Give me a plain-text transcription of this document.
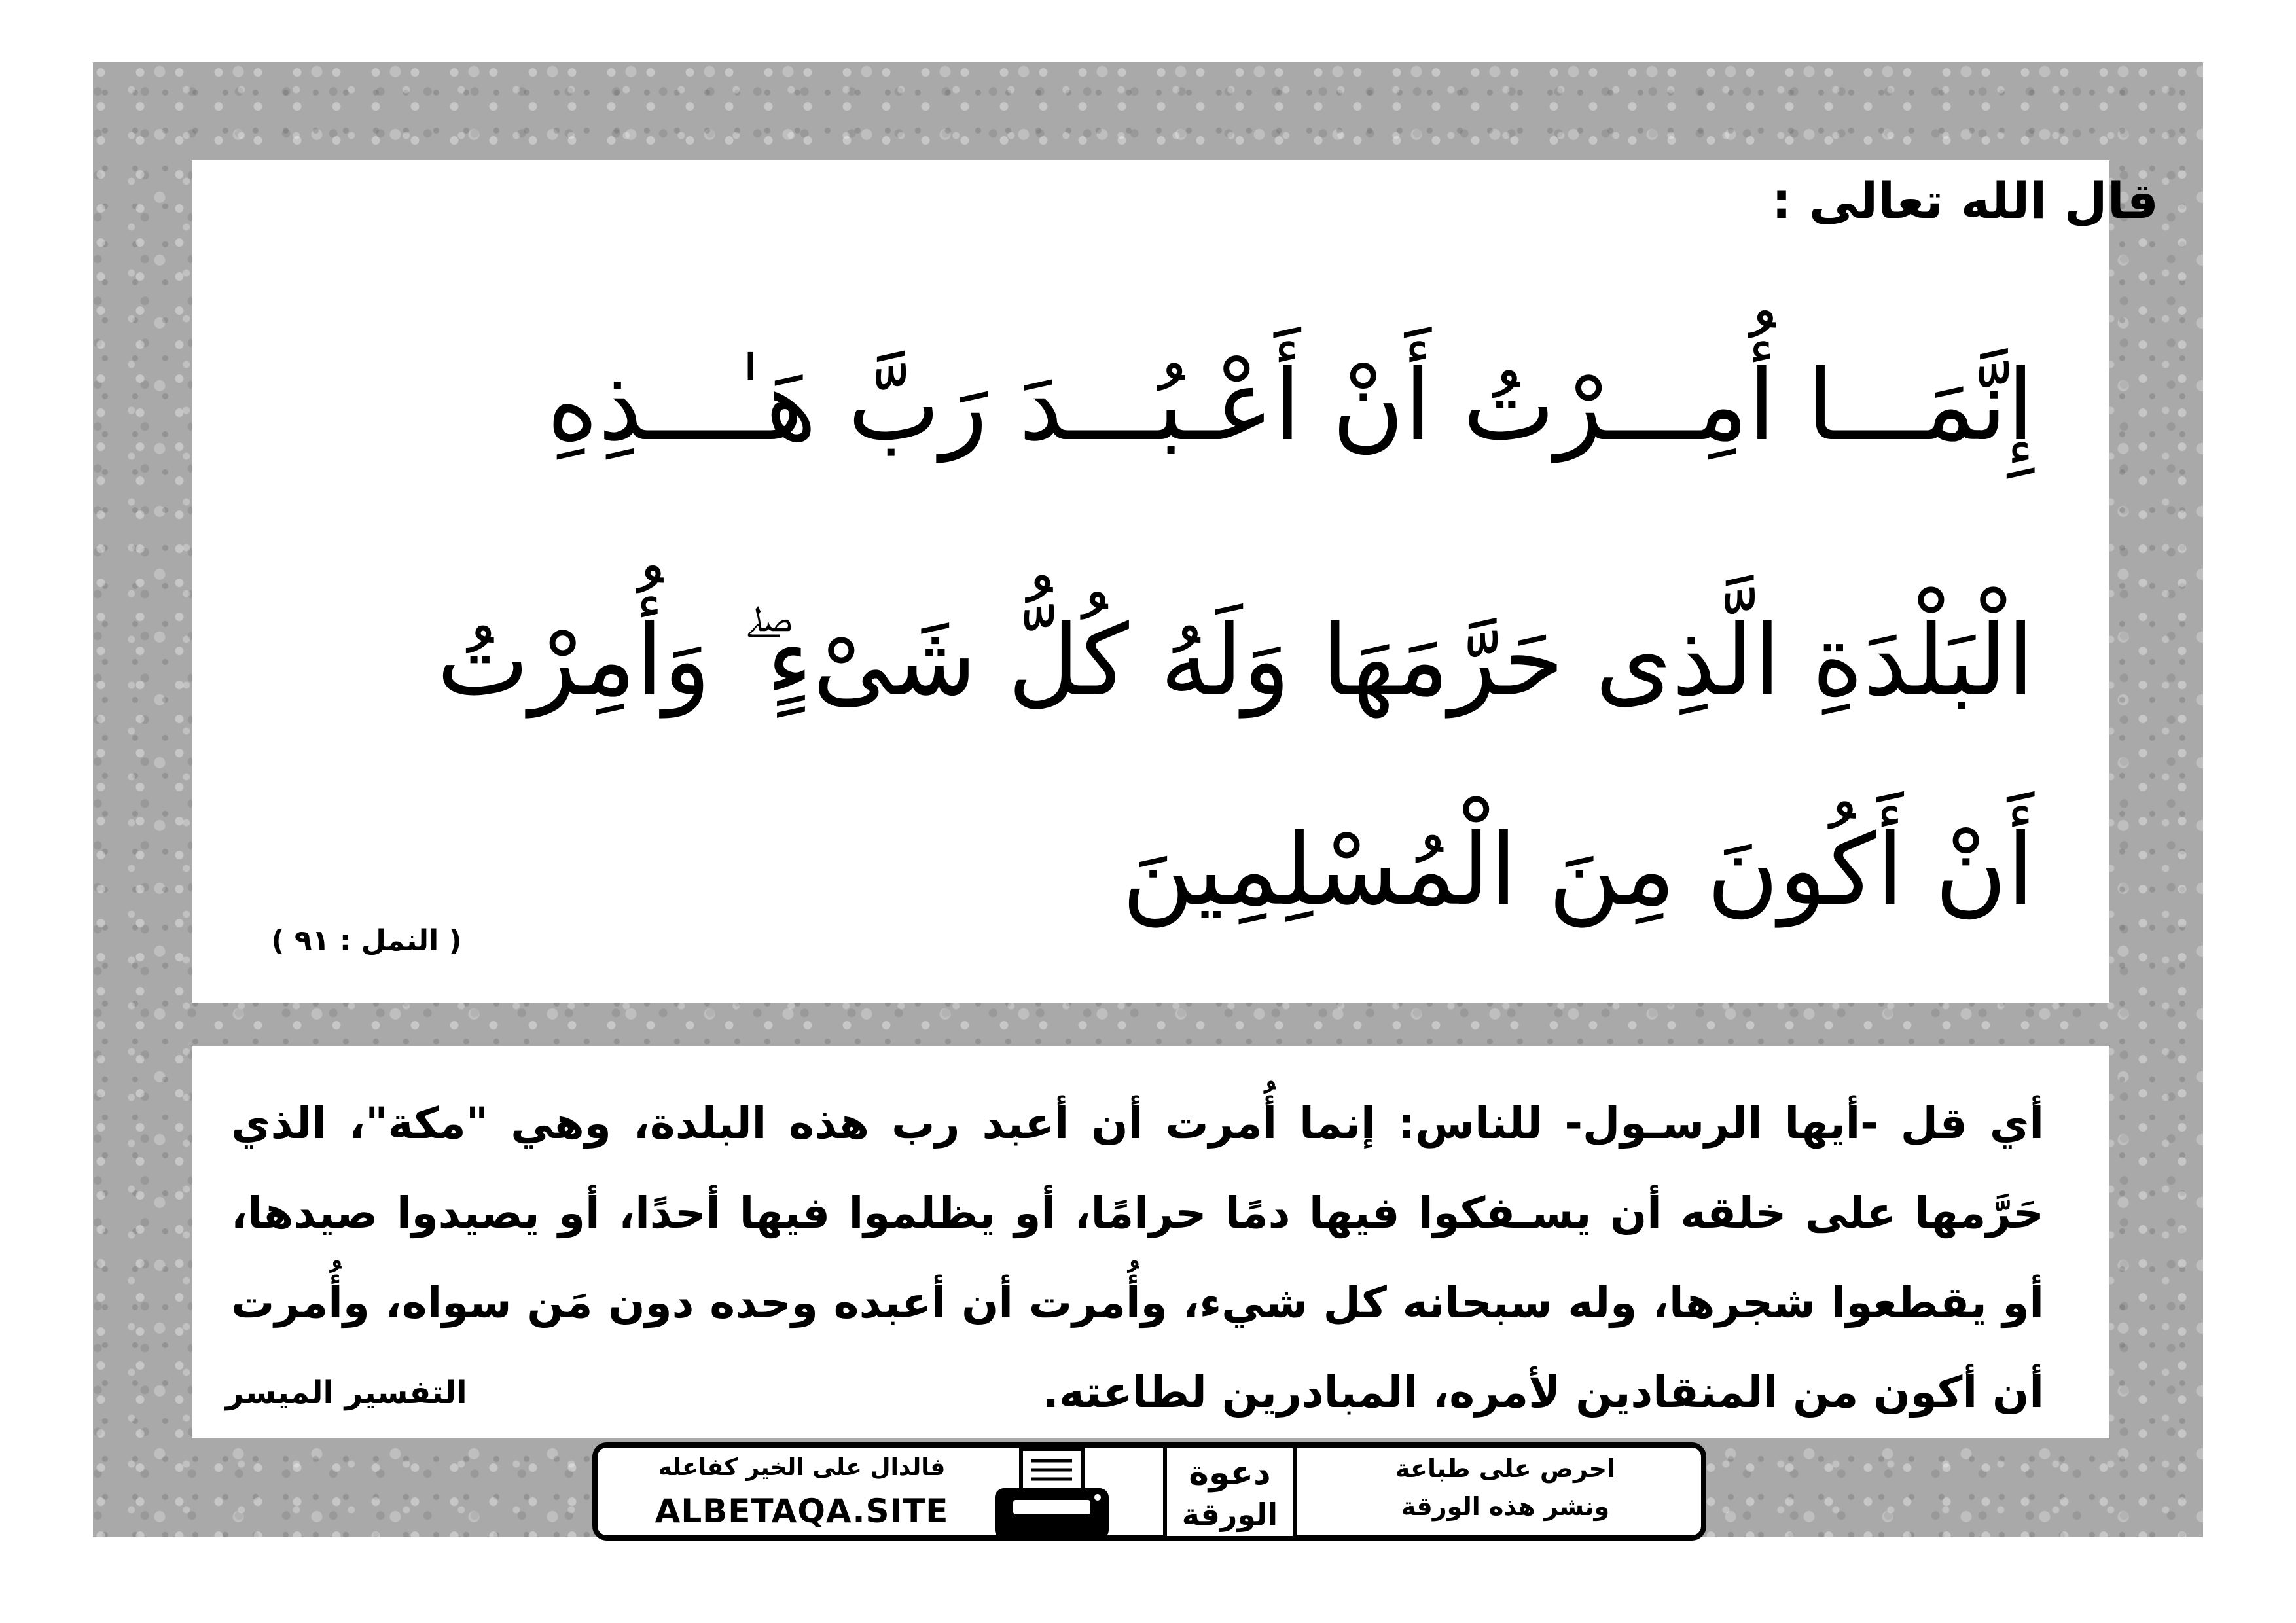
قال الله تعالى :
إِنَّمَـــا أُمِـــرْتُ أَنْ أَعْـبُـــدَ رَبَّ هَـٰـــذِهِ
الْبَلْدَةِ الَّذِى حَرَّمَهَا وَلَهُ كُلُّ شَىْءٍ ۖ وَأُمِرْتُ
أَنْ أَكُونَ مِنَ الْمُسْلِمِينَ
( النمل : ٩١ )
أي قل -أيها الرسـول- للناس: إنما أُمرت أن أعبد رب هذه البلدة، وهي "مكة"، الذي حَرَّمها على خلقه أن يسـفكوا فيها دمًا حرامًا، أو يظلموا فيها أحدًا، أو يصيدوا صيدها، أو يقطعوا شجرها، وله سبحانه كل شيء، وأُمرت أن أعبده وحده دون مَن سواه، وأُمرت أن أكون من المنقادين لأمره، المبادرين لطاعته.
التفسير الميسر
فالدال على الخير كفاعله
ALBETAQA.SITE
دعوة
الورقة
احرص على طباعة
ونشر هذه الورقة
